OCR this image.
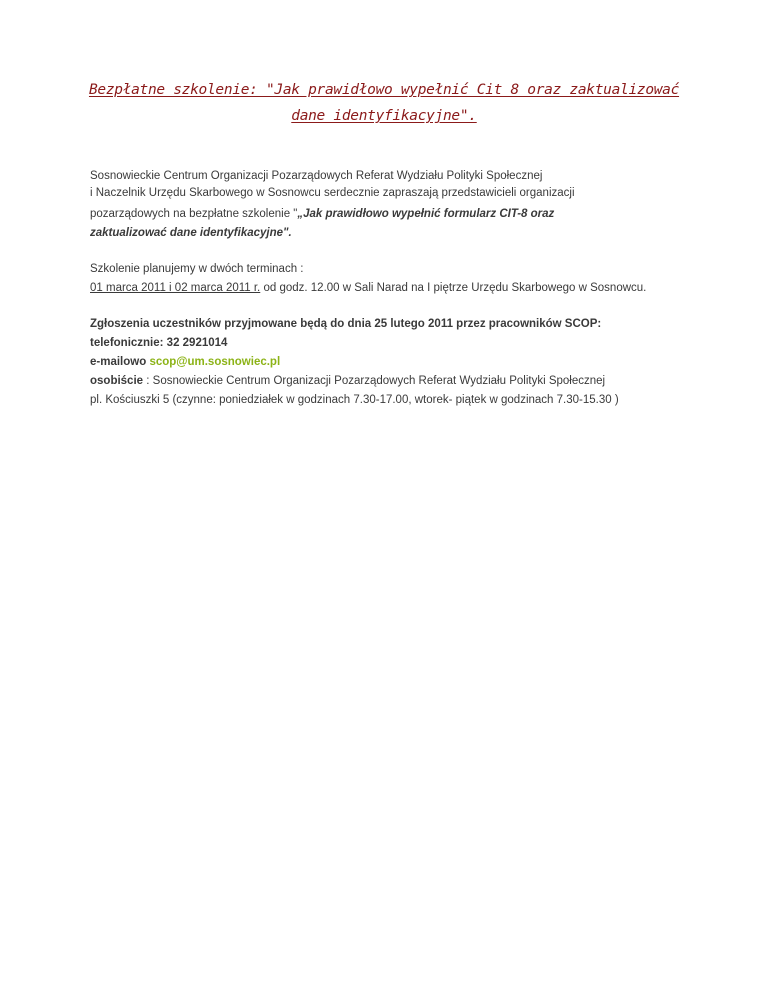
Bezpłatne szkolenie: "Jak prawidłowo wypełnić Cit 8 oraz zaktualizować
dane identyfikacyjne".
Sosnowieckie Centrum Organizacji Pozarządowych Referat Wydziału Polityki Społecznej
i Naczelnik Urzędu Skarbowego w Sosnowcu serdecznie zapraszają przedstawicieli organizacji
pozarządowych na bezpłatne szkolenie "„Jak prawidłowo wypełnić formularz CIT-8 oraz
zaktualizować dane identyfikacyjne".
Szkolenie planujemy w dwóch terminach :
01 marca 2011 i 02 marca 2011 r. od godz. 12.00 w Sali Narad na I piętrze Urzędu Skarbowego w Sosnowcu.
Zgłoszenia uczestników przyjmowane będą do dnia 25 lutego 2011 przez pracowników SCOP:
telefonicznie: 32 2921014
e-mailowo scop@um.sosnowiec.pl
osobiście : Sosnowieckie Centrum Organizacji Pozarządowych Referat Wydziału Polityki Społecznej
pl. Kościuszki 5 (czynne: poniedziałek w godzinach 7.30-17.00, wtorek- piątek w godzinach 7.30-15.30 )
